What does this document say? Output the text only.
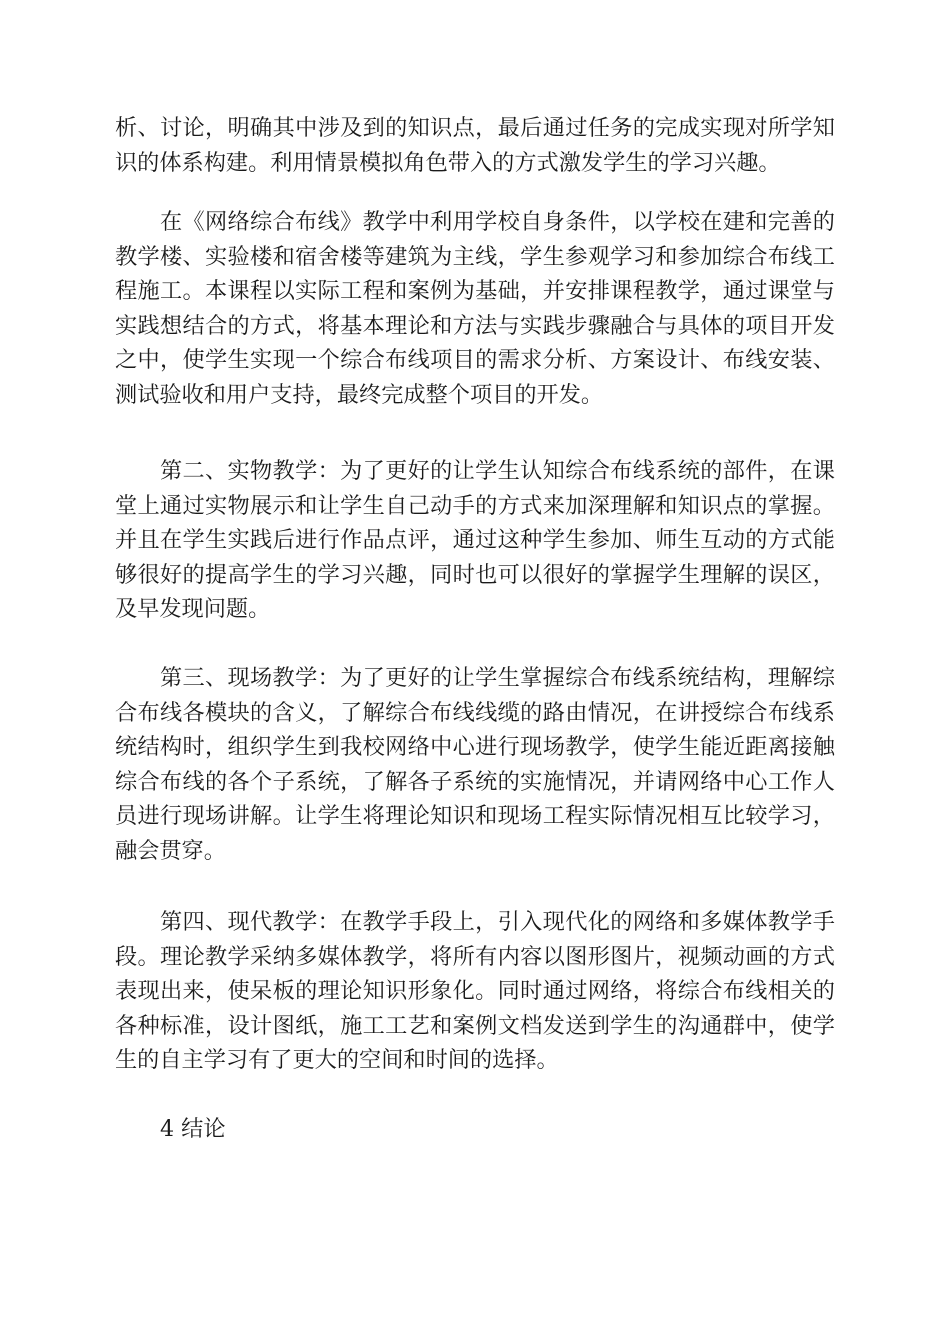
析、讨论，明确其中涉及到的知识点，最后通过任务的完成实现对所学知识的体系构建。利用情景模拟角色带入的方式激发学生的学习兴趣。

在《网络综合布线》教学中利用学校自身条件，以学校在建和完善的教学楼、实验楼和宿舍楼等建筑为主线，学生参观学习和参加综合布线工程施工。本课程以实际工程和案例为基础，并安排课程教学，通过课堂与实践想结合的方式，将基本理论和方法与实践步骤融合与具体的项目开发之中，使学生实现一个综合布线项目的需求分析、方案设计、布线安装、测试验收和用户支持，最终完成整个项目的开发。

第二、实物教学：为了更好的让学生认知综合布线系统的部件，在课堂上通过实物展示和让学生自己动手的方式来加深理解和知识点的掌握。并且在学生实践后进行作品点评，通过这种学生参加、师生互动的方式能够很好的提高学生的学习兴趣，同时也可以很好的掌握学生理解的误区，及早发现问题。

第三、现场教学：为了更好的让学生掌握综合布线系统结构，理解综合布线各模块的含义，了解综合布线线缆的路由情况，在讲授综合布线系统结构时，组织学生到我校网络中心进行现场教学，使学生能近距离接触综合布线的各个子系统，了解各子系统的实施情况，并请网络中心工作人员进行现场讲解。让学生将理论知识和现场工程实际情况相互比较学习，融会贯穿。

第四、现代教学：在教学手段上，引入现代化的网络和多媒体教学手段。理论教学采纳多媒体教学，将所有内容以图形图片，视频动画的方式表现出来，使呆板的理论知识形象化。同时通过网络，将综合布线相关的各种标准，设计图纸，施工工艺和案例文档发送到学生的沟通群中，使学生的自主学习有了更大的空间和时间的选择。

4 结论
